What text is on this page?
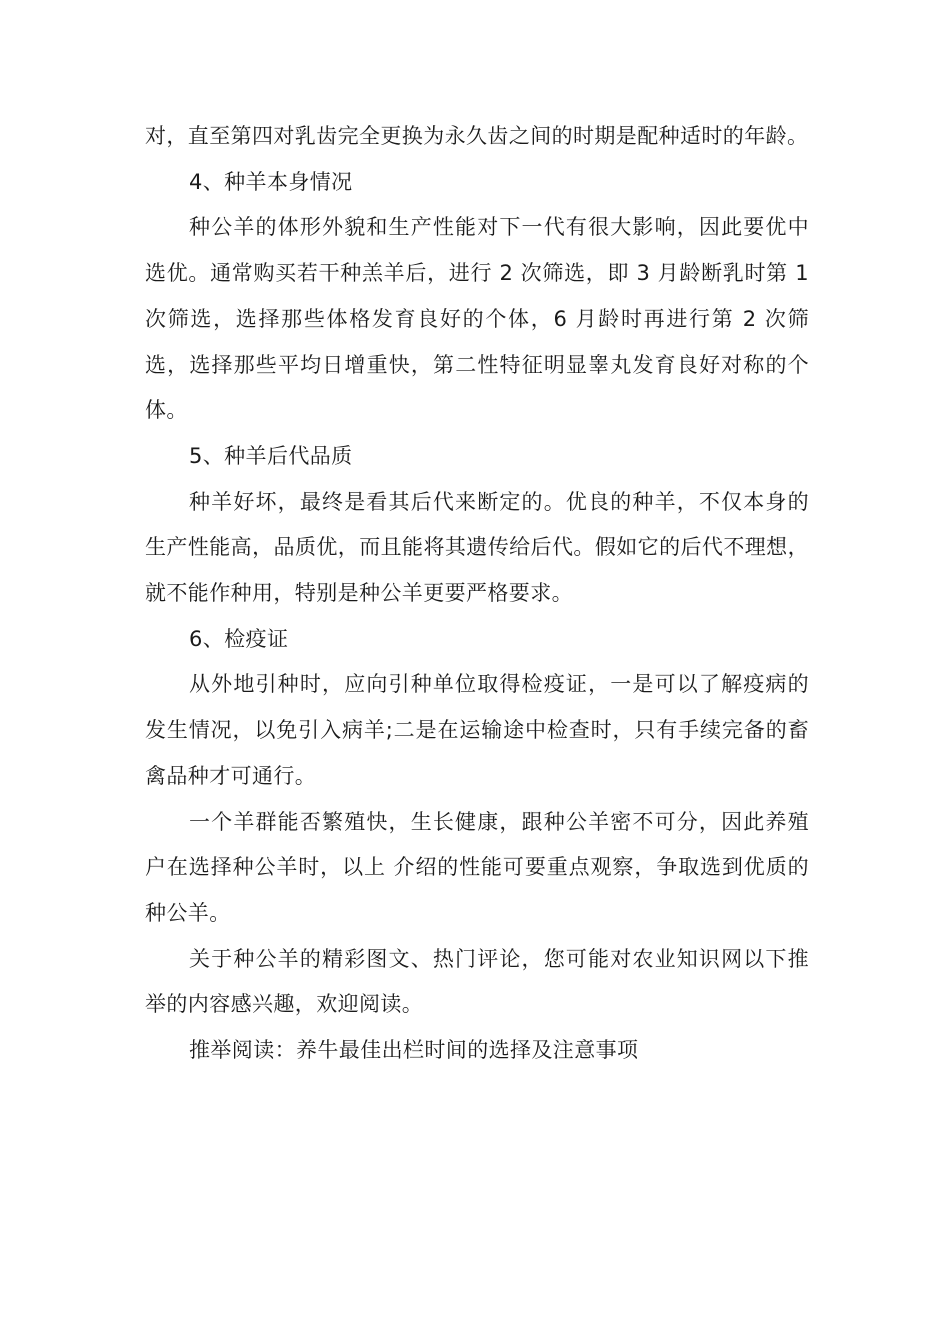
对，直至第四对乳齿完全更换为永久齿之间的时期是配种适时的年龄。

4、种羊本身情况

种公羊的体形外貌和生产性能对下一代有很大影响，因此要优中选优。通常购买若干种羔羊后，进行 2 次筛选，即 3 月龄断乳时第 1 次筛选，选择那些体格发育良好的个体，6 月龄时再进行第 2 次筛选，选择那些平均日增重快，第二性特征明显睾丸发育良好对称的个体。

5、种羊后代品质

种羊好坏，最终是看其后代来断定的。优良的种羊，不仅本身的生产性能高，品质优，而且能将其遗传给后代。假如它的后代不理想，就不能作种用，特别是种公羊更要严格要求。

6、检疫证

从外地引种时，应向引种单位取得检疫证，一是可以了解疫病的发生情况，以免引入病羊;二是在运输途中检查时，只有手续完备的畜禽品种才可通行。

一个羊群能否繁殖快，生长健康，跟种公羊密不可分，因此养殖户在选择种公羊时，以上 介绍的性能可要重点观察，争取选到优质的种公羊。

关于种公羊的精彩图文、热门评论，您可能对农业知识网以下推举的内容感兴趣，欢迎阅读。

推举阅读：养牛最佳出栏时间的选择及注意事项
